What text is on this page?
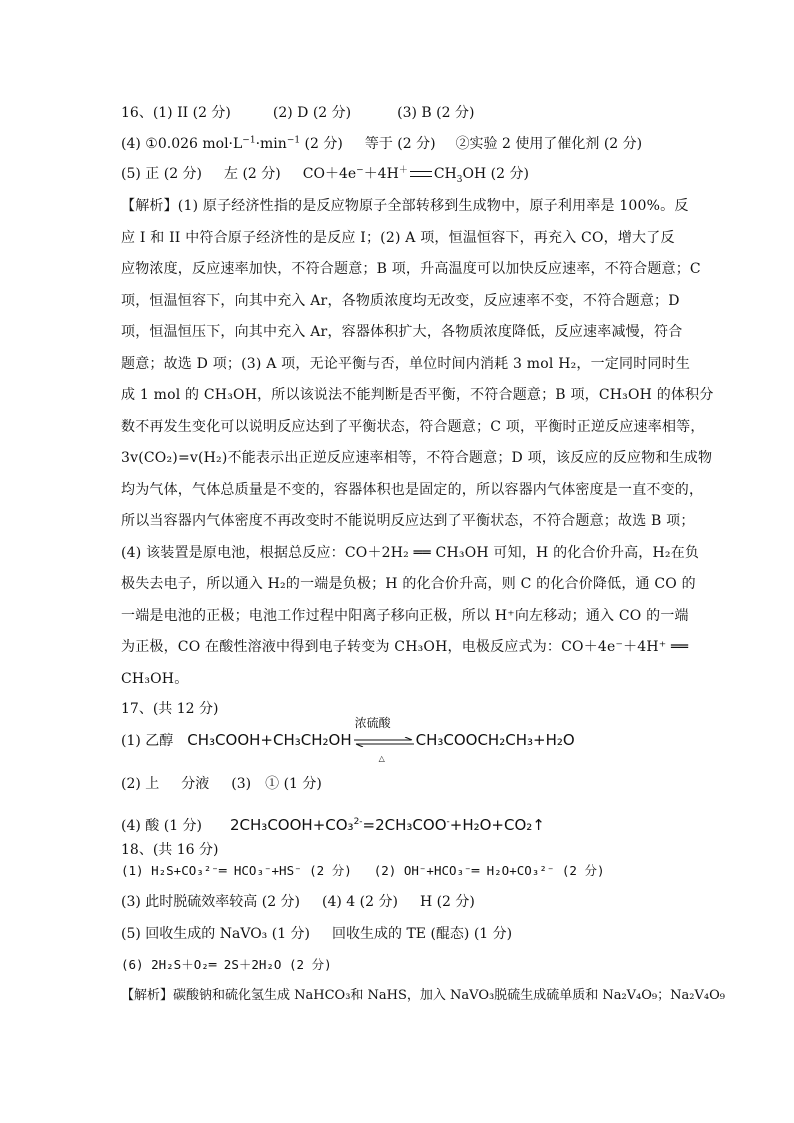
16、(1) II (2 分)	(2) D (2 分)	(3) B (2 分)
(4) ①0.026 $mol\cdot L^{-1}\cdot\min^{-1}$ (2 分) 等于 (2 分) ②实验 2 使用了催化剂 (2 分)
(5) 正 (2 分) 左 (2 分) CO＋4e−＋4H＋ $CH_3OH$ (2 分)
【解析】(1) 原子经济性指的是反应物原子全部转移到生成物中，原子利用率是 100%。反
应 I 和 II 中符合原子经济性的是反应 I；(2) A 项，恒温恒容下，再充入 CO，增大了反
应物浓度，反应速率加快，不符合题意；B 项，升高温度可以加快反应速率，不符合题意；C
项，恒温恒容下，向其中充入 Ar，各物质浓度均无改变，反应速率不变，不符合题意；D
项，恒温恒压下，向其中充入 Ar，容器体积扩大，各物质浓度降低，反应速率减慢，符合
题意；故选 D 项；(3) A 项，无论平衡与否，单位时间内消耗 3 mol H₂，一定同时同时生
成 1 mol 的 CH₃OH，所以该说法不能判断是否平衡，不符合题意；B 项，CH₃OH 的体积分
数不再发生变化可以说明反应达到了平衡状态，符合题意；C 项，平衡时正逆反应速率相等，
3v(CO₂)=v(H₂)不能表示出正逆反应速率相等，不符合题意；D 项，该反应的反应物和生成物
均为气体，气体总质量是不变的，容器体积也是固定的，所以容器内气体密度是一直不变的，
所以当容器内气体密度不再改变时不能说明反应达到了平衡状态，不符合题意；故选 B 项；
(4) 该装置是原电池，根据总反应：CO＋2H₂ ══ CH₃OH 可知，H 的化合价升高，H₂在负
极失去电子，所以通入 H₂的一端是负极；H 的化合价升高，则 C 的化合价降低，通 CO 的
一端是电池的正极；电池工作过程中阳离子移向正极，所以 H⁺向左移动；通入 CO 的一端
为正极，CO 在酸性溶液中得到电子转变为 CH₃OH，电极反应式为：CO＋4e⁻＋4H⁺ ══
CH₃OH。
17、(共 12 分)
(1) 乙醇 CH₃COOH+CH₃CH₂OH
浓硫酸
△
CH₃COOCH₂CH₃+H₂O
(2) 上 分液 (3) ① (1 分)
(4) 酸 (1 分) 2CH₃COOH+CO₃$^{2-}$=2CH₃COO-+H₂O+CO₂↑
18、(共 16 分)
(1) H₂S+CO₃²⁻═ HCO₃⁻+HS⁻ (2 分) (2) OH⁻+HCO₃⁻═ H₂O+CO₃²⁻ (2 分)
(3) 此时脱硫效率较高 (2 分) (4) 4 (2 分) H (2 分)
(5) 回收生成的 NaVO₃ (1 分) 回收生成的 TE (醌态) (1 分)
(6) 2H₂S＋O₂═ 2S＋2H₂O (2 分)
【解析】碳酸钠和硫化氢生成 NaHCO₃和 NaHS，加入 NaVO₃脱硫生成硫单质和 Na₂V₄O₉；Na₂V₄O₉
